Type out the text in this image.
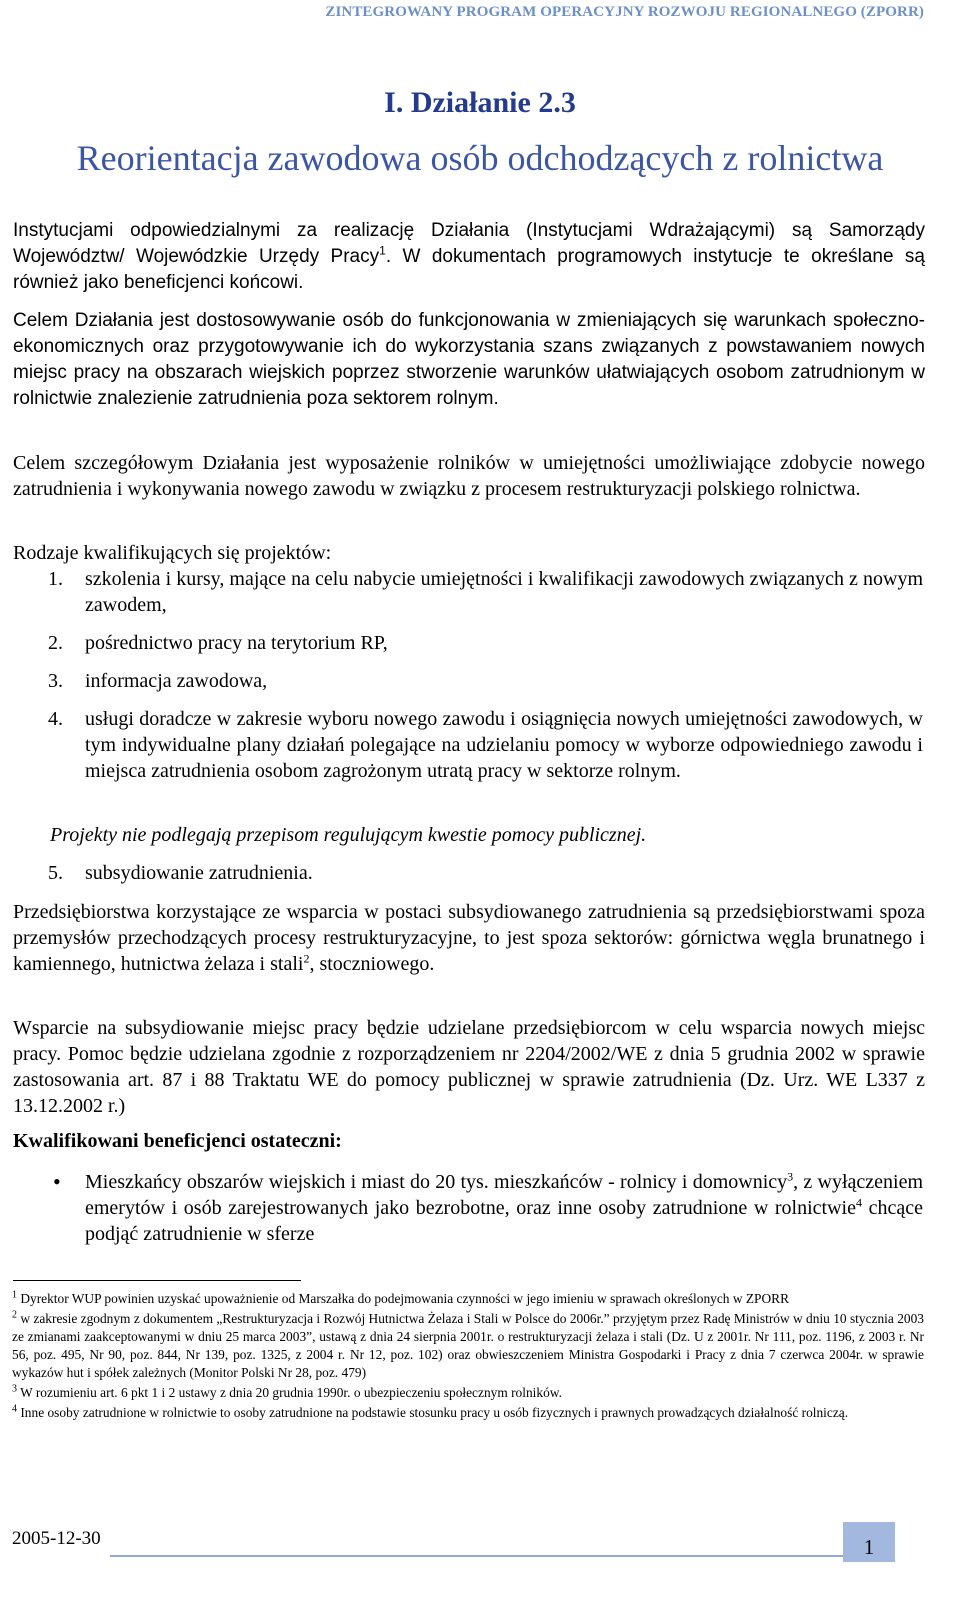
ZINTEGROWANY PROGRAM OPERACYJNY ROZWOJU REGIONALNEGO (ZPORR)
I. Działanie 2.3
Reorientacja zawodowa osób odchodzących z rolnictwa

Instytucjami odpowiedzialnymi za realizację Działania (Instytucjami Wdrażającymi) są Samorządy Województw/ Wojewódzkie Urzędy Pracy$^1$. W dokumentach programowych instytucje te określane są również jako beneficjenci końcowi.

Celem Działania jest dostosowywanie osób do funkcjonowania w zmieniających się warunkach społeczno-ekonomicznych oraz przygotowywanie ich do wykorzystania szans związanych z powstawaniem nowych miejsc pracy na obszarach wiejskich poprzez stworzenie warunków ułatwiających osobom zatrudnionym w rolnictwie znalezienie zatrudnienia poza sektorem rolnym.

Celem szczegółowym Działania jest wyposażenie rolników w umiejętności umożliwiające zdobycie nowego zatrudnienia i wykonywania nowego zawodu w związku z procesem restrukturyzacji polskiego rolnictwa.

Rodzaje kwalifikujących się projektów:

1. szkolenia i kursy, mające na celu nabycie umiejętności i kwalifikacji zawodowych związanych z nowym zawodem,
2. pośrednictwo pracy na terytorium RP,
3. informacja zawodowa,
4. usługi doradcze w zakresie wyboru nowego zawodu i osiągnięcia nowych umiejętności zawodowych, w tym indywidualne plany działań polegające na udzielaniu pomocy w wyborze odpowiedniego zawodu i miejsca zatrudnienia osobom zagrożonym utratą pracy w sektorze rolnym.
Projekty nie podlegają przepisom regulującym kwestie pomocy publicznej.
5. subsydiowanie zatrudnienia.

Przedsiębiorstwa korzystające ze wsparcia w postaci subsydiowanego zatrudnienia są przedsiębiorstwami spoza przemysłów przechodzących procesy restrukturyzacyjne, to jest spoza sektorów: górnictwa węgla brunatnego i kamiennego, hutnictwa żelaza i stali$^2$, stoczniowego.

Wsparcie na subsydiowanie miejsc pracy będzie udzielane przedsiębiorcom w celu wsparcia nowych miejsc pracy. Pomoc będzie udzielana zgodnie z rozporządzeniem nr 2204/2002/WE z dnia 5 grudnia 2002 w sprawie zastosowania art. 87 i 88 Traktatu WE do pomocy publicznej w sprawie zatrudnienia (Dz. Urz. WE L337 z 13.12.2002 r.)

Kwalifikowani beneficjenci ostateczni:
• Mieszkańcy obszarów wiejskich i miast do 20 tys. mieszkańców - rolnicy i domownicy$^3$, z wyłączeniem emerytów i osób zarejestrowanych jako bezrobotne, oraz inne osoby zatrudnione w rolnictwie$^4$ chcące podjąć zatrudnienie w sferze

$^1$ Dyrektor WUP powinien uzyskać upoważnienie od Marszałka do podejmowania czynności w jego imieniu w sprawach określonych w ZPORR

$^2$ w zakresie zgodnym z dokumentem „Restrukturyzacja i Rozwój Hutnictwa Żelaza i Stali w Polsce do 2006r.” przyjętym przez Radę Ministrów w dniu 10 stycznia 2003 ze zmianami zaakceptowanymi w dniu 25 marca 2003”, ustawą z dnia 24 sierpnia 2001r. o restrukturyzacji żelaza i stali (Dz. U z 2001r. Nr 111, poz. 1196, z 2003 r. Nr 56, poz. 495, Nr 90, poz. 844, Nr 139, poz. 1325, z 2004 r. Nr 12, poz. 102) oraz obwieszczeniem Ministra Gospodarki i Pracy z dnia 7 czerwca 2004r. w sprawie wykazów hut i spółek zależnych (Monitor Polski Nr 28, poz. 479)

$^3$ W rozumieniu art. 6 pkt 1 i 2 ustawy z dnia 20 grudnia 1990r. o ubezpieczeniu społecznym rolników.

$^4$ Inne osoby zatrudnione w rolnictwie to osoby zatrudnione na podstawie stosunku pracy u osób fizycznych i prawnych prowadzących działalność rolniczą.

2005-12-30	1
